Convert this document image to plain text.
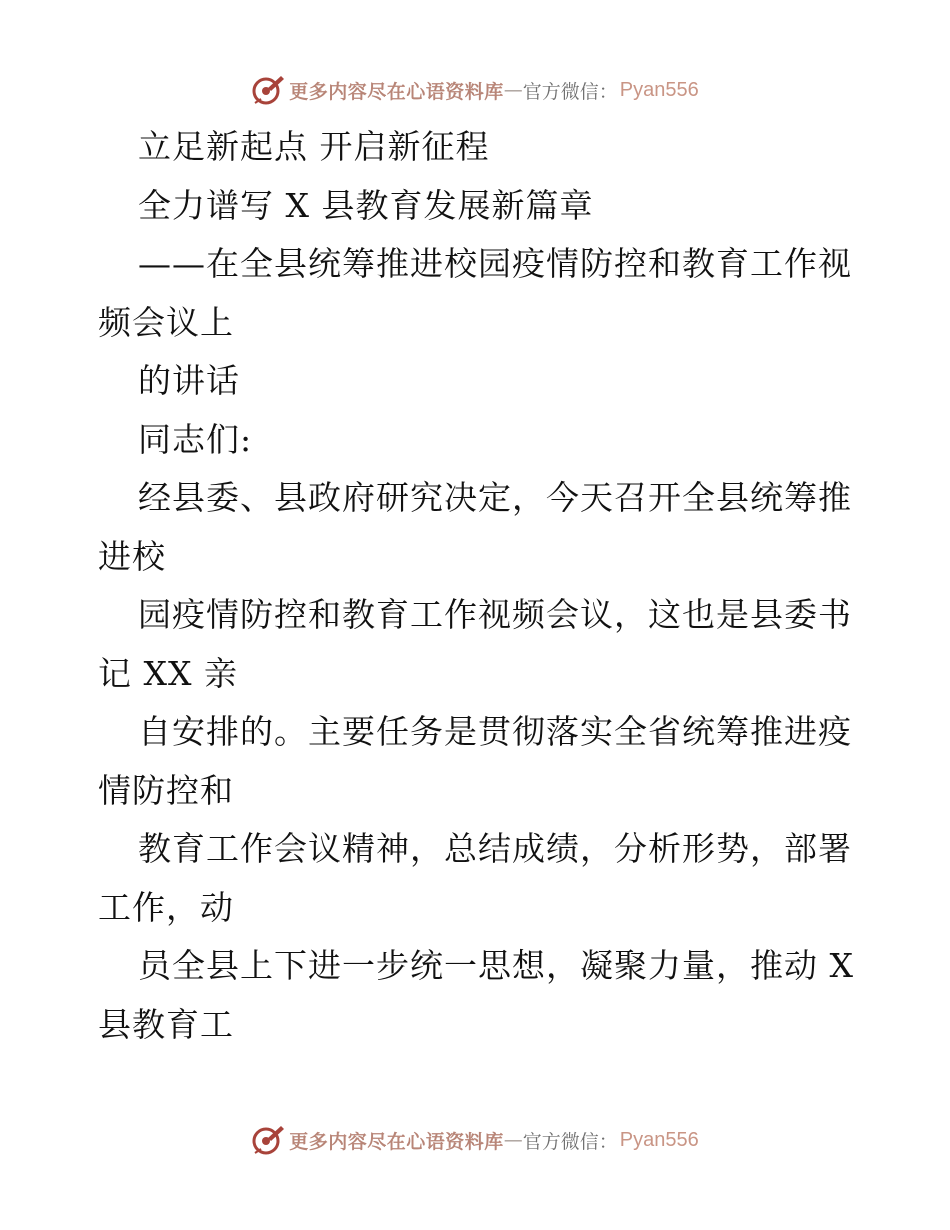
更多内容尽在心语资料库 — 官方微信： Pyan556
立足新起点 开启新征程
全力谱写 X 县教育发展新篇章
——在全县统筹推进校园疫情防控和教育工作视
频会议上
的讲话
同志们:
经县委、县政府研究决定，今天召开全县统筹推
进校
园疫情防控和教育工作视频会议，这也是县委书
记 XX 亲
自安排的。主要任务是贯彻落实全省统筹推进疫
情防控和
教育工作会议精神，总结成绩，分析形势，部署
工作，动
员全县上下进一步统一思想，凝聚力量，推动 X
县教育工
更多内容尽在心语资料库 — 官方微信： Pyan556
